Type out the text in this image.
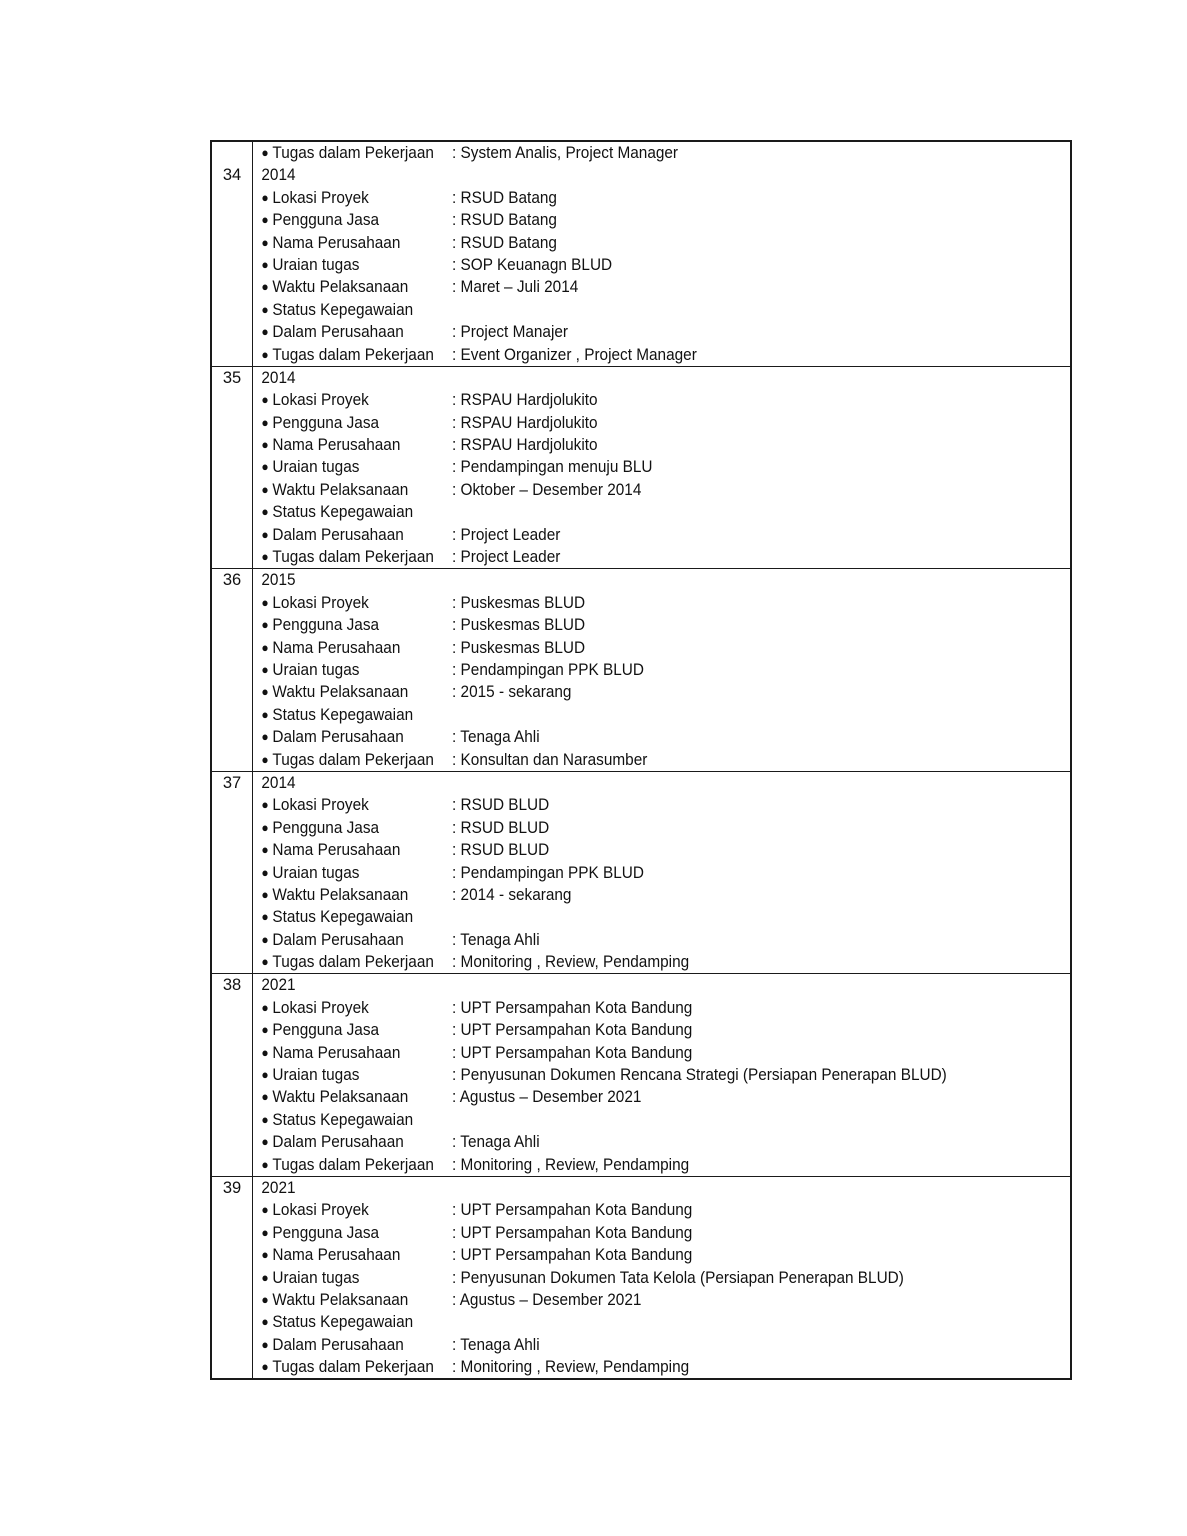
● Tugas dalam Pekerjaan	: System Analis, Project Manager
34	2014
● Lokasi Proyek	: RSUD Batang
● Pengguna Jasa	: RSUD Batang
● Nama Perusahaan	: RSUD Batang
● Uraian tugas	: SOP Keuanagn BLUD
● Waktu Pelaksanaan	: Maret – Juli 2014
● Status Kepegawaian
● Dalam Perusahaan	: Project Manajer
● Tugas dalam Pekerjaan	: Event Organizer , Project Manager
35	2014
● Lokasi Proyek	: RSPAU Hardjolukito
● Pengguna Jasa	: RSPAU Hardjolukito
● Nama Perusahaan	: RSPAU Hardjolukito
● Uraian tugas	: Pendampingan menuju BLU
● Waktu Pelaksanaan	: Oktober – Desember 2014
● Status Kepegawaian
● Dalam Perusahaan	: Project Leader
● Tugas dalam Pekerjaan	: Project Leader
36	2015
● Lokasi Proyek	: Puskesmas BLUD
● Pengguna Jasa	: Puskesmas BLUD
● Nama Perusahaan	: Puskesmas BLUD
● Uraian tugas	: Pendampingan PPK BLUD
● Waktu Pelaksanaan	: 2015 - sekarang
● Status Kepegawaian
● Dalam Perusahaan	: Tenaga Ahli
● Tugas dalam Pekerjaan	: Konsultan dan Narasumber
37	2014
● Lokasi Proyek	: RSUD BLUD
● Pengguna Jasa	: RSUD BLUD
● Nama Perusahaan	: RSUD BLUD
● Uraian tugas	: Pendampingan PPK BLUD
● Waktu Pelaksanaan	: 2014 - sekarang
● Status Kepegawaian
● Dalam Perusahaan	: Tenaga Ahli
● Tugas dalam Pekerjaan	: Monitoring , Review, Pendamping
38	2021
● Lokasi Proyek	: UPT Persampahan Kota Bandung
● Pengguna Jasa	: UPT Persampahan Kota Bandung
● Nama Perusahaan	: UPT Persampahan Kota Bandung
● Uraian tugas	: Penyusunan Dokumen Rencana Strategi (Persiapan Penerapan BLUD)
● Waktu Pelaksanaan	: Agustus – Desember 2021
● Status Kepegawaian
● Dalam Perusahaan	: Tenaga Ahli
● Tugas dalam Pekerjaan	: Monitoring , Review, Pendamping
39	2021
● Lokasi Proyek	: UPT Persampahan Kota Bandung
● Pengguna Jasa	: UPT Persampahan Kota Bandung
● Nama Perusahaan	: UPT Persampahan Kota Bandung
● Uraian tugas	: Penyusunan Dokumen Tata Kelola (Persiapan Penerapan BLUD)
● Waktu Pelaksanaan	: Agustus – Desember 2021
● Status Kepegawaian
● Dalam Perusahaan	: Tenaga Ahli
● Tugas dalam Pekerjaan	: Monitoring , Review, Pendamping
